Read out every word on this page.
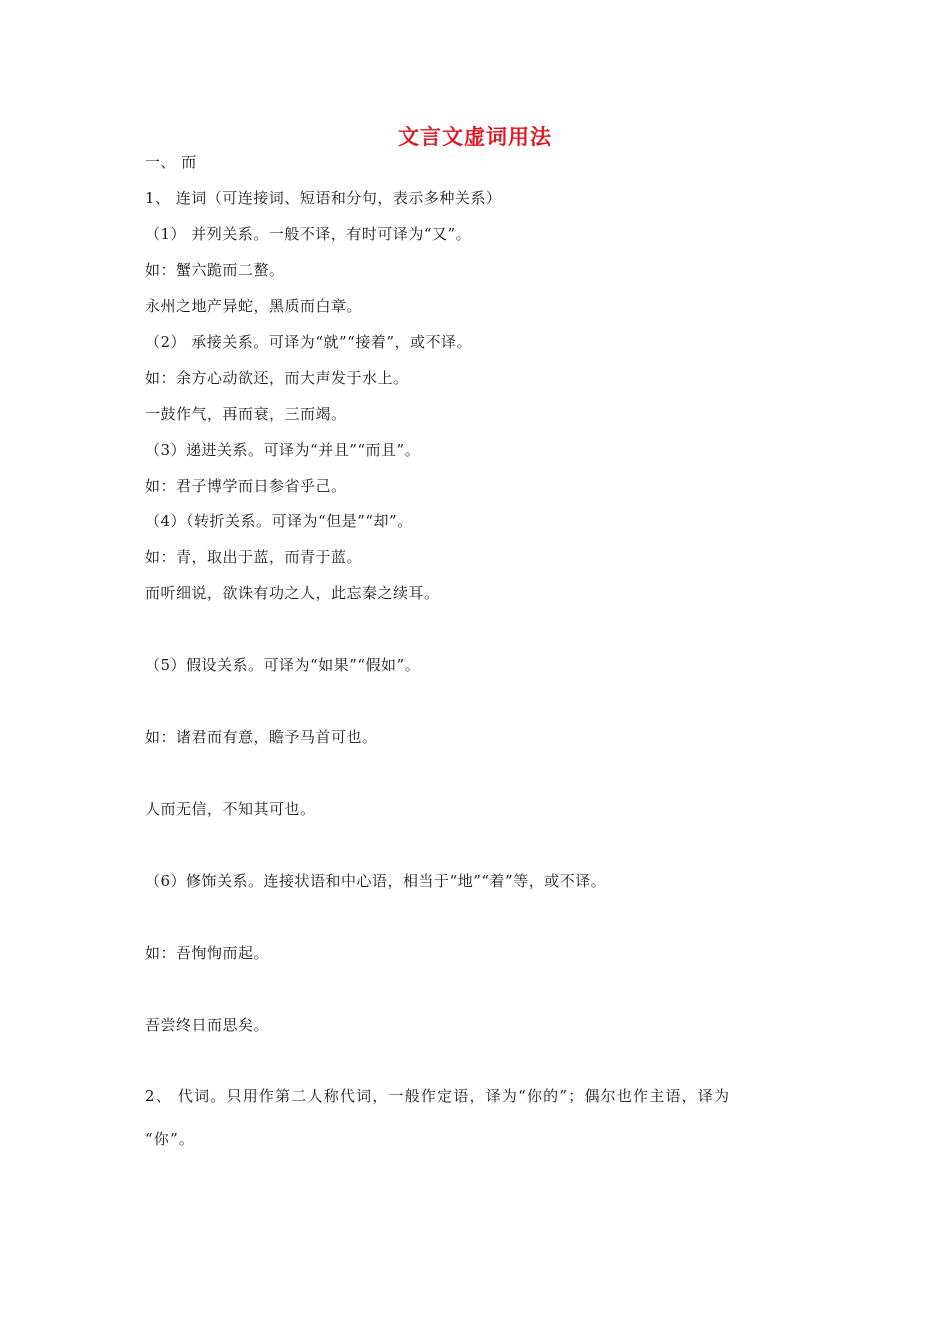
文言文虚词用法
一、 而
1、 连词（可连接词、短语和分句，表示多种关系）
（1） 并列关系。一般不译，有时可译为“又”。
如：蟹六跪而二螯。
永州之地产异蛇，黑质而白章。
（2） 承接关系。可译为“就”“接着”，或不译。
如：余方心动欲还，而大声发于水上。
一鼓作气，再而衰，三而竭。
（3）递进关系。可译为“并且”“而且”。
如：君子博学而日参省乎己。
（4）（转折关系。可译为“但是”“却”。
如：青，取出于蓝，而青于蓝。
而听细说，欲诛有功之人，此忘秦之续耳。
（5）假设关系。可译为“如果”“假如”。
如：诸君而有意，瞻予马首可也。
人而无信，不知其可也。
（6）修饰关系。连接状语和中心语，相当于“地”“着”等，或不译。
如：吾恂恂而起。
吾尝终日而思矣。
2、 代词。只用作第二人称代词，一般作定语，译为“你的”；偶尔也作主语，译为
“你”。
